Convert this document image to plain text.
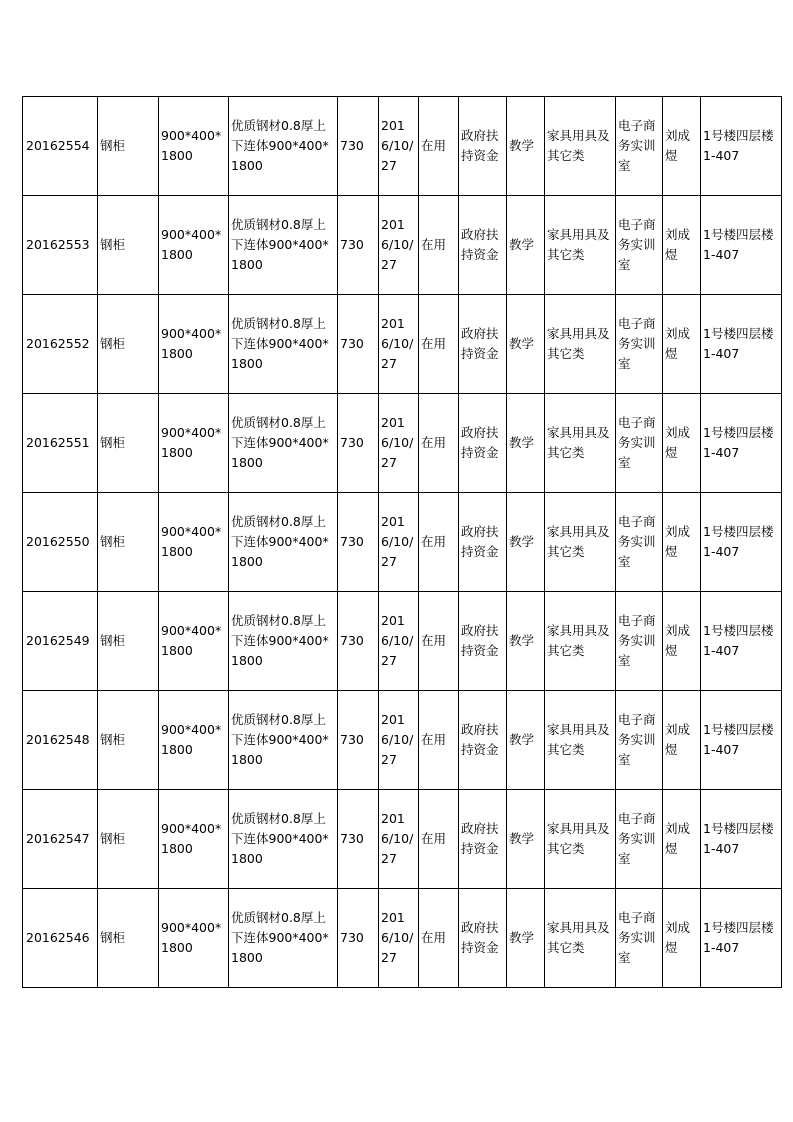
20162554	钢柜	900*400*1800	优质钢材0.8厚上下连体900*400*1800	730	2016/10/27	在用	政府扶持资金	教学	家具用具及其它类	电子商务实训室	刘成煜	1号楼四层楼1-407

20162553	钢柜	900*400*1800	优质钢材0.8厚上下连体900*400*1800	730	2016/10/27	在用	政府扶持资金	教学	家具用具及其它类	电子商务实训室	刘成煜	1号楼四层楼1-407

20162552	钢柜	900*400*1800	优质钢材0.8厚上下连体900*400*1800	730	2016/10/27	在用	政府扶持资金	教学	家具用具及其它类	电子商务实训室	刘成煜	1号楼四层楼1-407

20162551	钢柜	900*400*1800	优质钢材0.8厚上下连体900*400*1800	730	2016/10/27	在用	政府扶持资金	教学	家具用具及其它类	电子商务实训室	刘成煜	1号楼四层楼1-407

20162550	钢柜	900*400*1800	优质钢材0.8厚上下连体900*400*1800	730	2016/10/27	在用	政府扶持资金	教学	家具用具及其它类	电子商务实训室	刘成煜	1号楼四层楼1-407

20162549	钢柜	900*400*1800	优质钢材0.8厚上下连体900*400*1800	730	2016/10/27	在用	政府扶持资金	教学	家具用具及其它类	电子商务实训室	刘成煜	1号楼四层楼1-407

20162548	钢柜	900*400*1800	优质钢材0.8厚上下连体900*400*1800	730	2016/10/27	在用	政府扶持资金	教学	家具用具及其它类	电子商务实训室	刘成煜	1号楼四层楼1-407

20162547	钢柜	900*400*1800	优质钢材0.8厚上下连体900*400*1800	730	2016/10/27	在用	政府扶持资金	教学	家具用具及其它类	电子商务实训室	刘成煜	1号楼四层楼1-407

20162546	钢柜	900*400*1800	优质钢材0.8厚上下连体900*400*1800	730	2016/10/27	在用	政府扶持资金	教学	家具用具及其它类	电子商务实训室	刘成煜	1号楼四层楼1-407
